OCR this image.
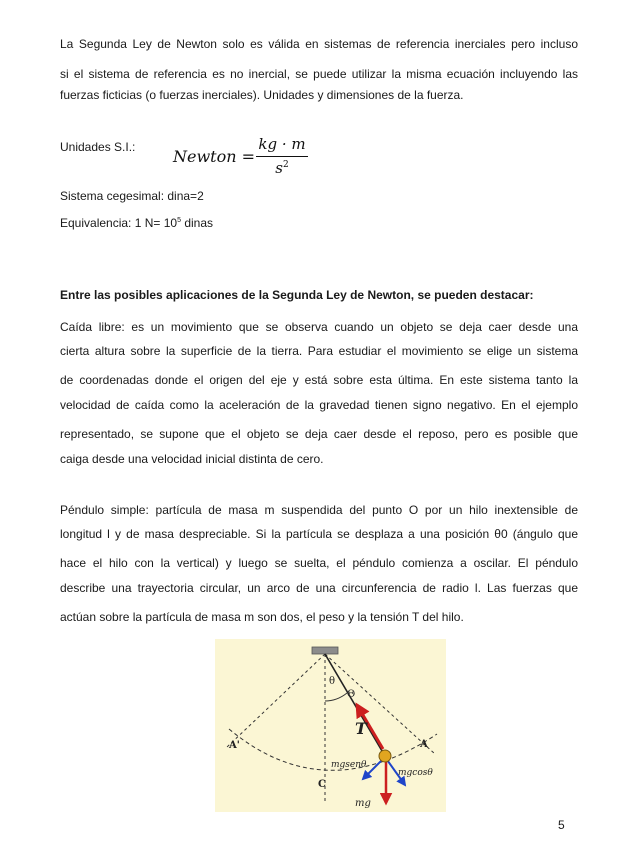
La Segunda Ley de Newton solo es válida en sistemas de referencia inerciales pero incluso
si el sistema de referencia es no inercial, se puede utilizar la misma ecuación incluyendo las
fuerzas ficticias (o fuerzas inerciales). Unidades y dimensiones de la fuerza.
Unidades S.I.:	Newton =
kg · m
$s^2$
Sistema cegesimal: dina=2
Equivalencia: 1 $N= 10^5$ dinas
Entre las posibles aplicaciones de la Segunda Ley de Newton, se pueden destacar:
Caída libre: es un movimiento que se observa cuando un objeto se deja caer desde una
cierta altura sobre la superficie de la tierra. Para estudiar el movimiento se elige un sistema
de coordenadas donde el origen del eje y está sobre esta última. En este sistema tanto la
velocidad de caída como la aceleración de la gravedad tienen signo negativo. En el ejemplo
representado, se supone que el objeto se deja caer desde el reposo, pero es posible que
caiga desde una velocidad inicial distinta de cero.
Péndulo simple: partícula de masa m suspendida del punto O por un hilo inextensible de
longitud l y de masa despreciable. Si la partícula se desplaza a una posición θ0 (ángulo que
hace el hilo con la vertical) y luego se suelta, el péndulo comienza a oscilar. El péndulo
describe una trayectoria circular, un arco de una circunferencia de radio l. Las fuerzas que
actúan sobre la partícula de masa m son dos, el peso y la tensión T del hilo.
θ
Θ
T
A'	A
C
mgsenθ
mgcosθ
mg
5
